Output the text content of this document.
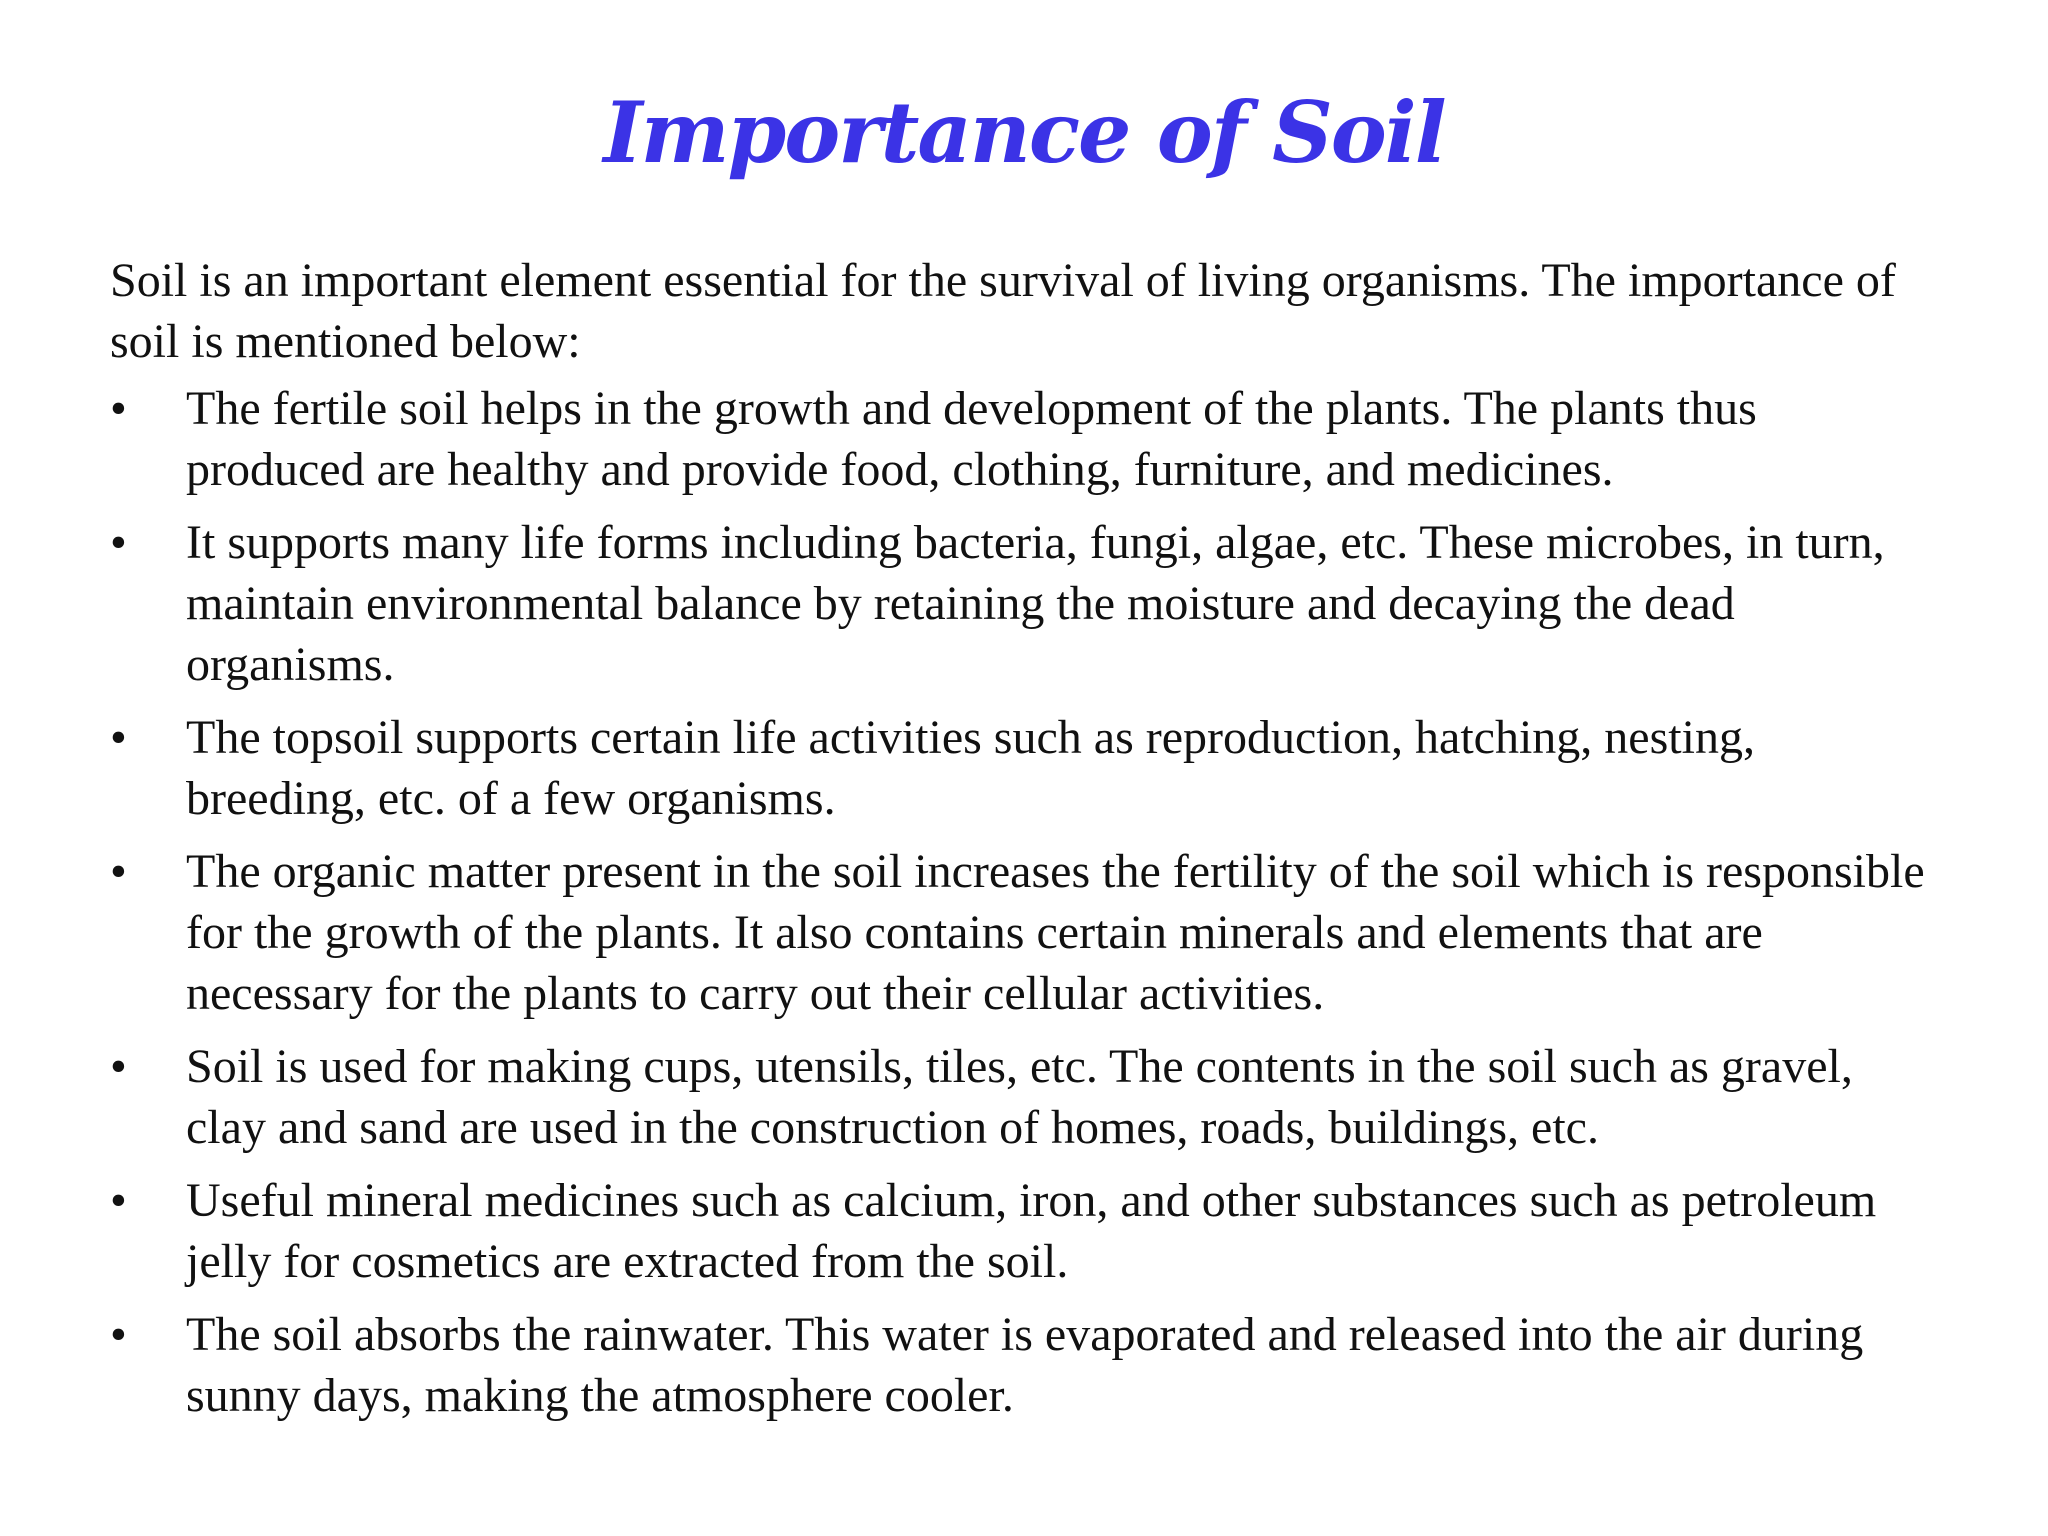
Importance of Soil

Soil is an important element essential for the survival of living organisms. The importance of soil is mentioned below:

•	The fertile soil helps in the growth and development of the plants. The plants thus produced are healthy and provide food, clothing, furniture, and medicines.
•	It supports many life forms including bacteria, fungi, algae, etc. These microbes, in turn, maintain environmental balance by retaining the moisture and decaying the dead organisms.
•	The topsoil supports certain life activities such as reproduction, hatching, nesting, breeding, etc. of a few organisms.
•	The organic matter present in the soil increases the fertility of the soil which is responsible for the growth of the plants. It also contains certain minerals and elements that are necessary for the plants to carry out their cellular activities.
•	Soil is used for making cups, utensils, tiles, etc. The contents in the soil such as gravel, clay and sand are used in the construction of homes, roads, buildings, etc.
•	Useful mineral medicines such as calcium, iron, and other substances such as petroleum jelly for cosmetics are extracted from the soil.
•	The soil absorbs the rainwater. This water is evaporated and released into the air during sunny days, making the atmosphere cooler.
